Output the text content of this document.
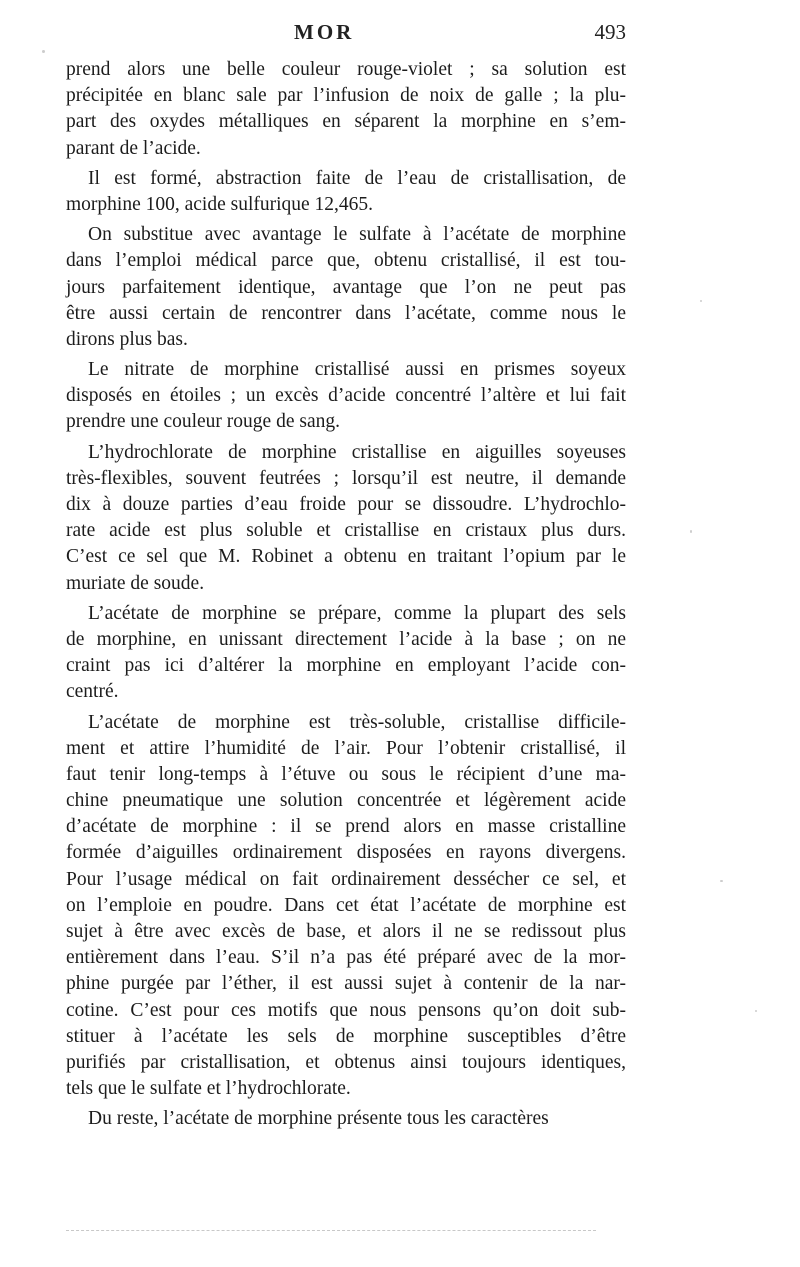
MOR	493
prend alors une belle couleur rouge-violet ; sa solution est
précipitée en blanc sale par l’infusion de noix de galle ; la plu-
part des oxydes métalliques en séparent la morphine en s’em-
parant de l’acide.
Il est formé, abstraction faite de l’eau de cristallisation, de
morphine 100, acide sulfurique 12,465.
On substitue avec avantage le sulfate à l’acétate de morphine
dans l’emploi médical parce que, obtenu cristallisé, il est tou-
jours parfaitement identique, avantage que l’on ne peut pas
être aussi certain de rencontrer dans l’acétate, comme nous le
dirons plus bas.
Le nitrate de morphine cristallisé aussi en prismes soyeux
disposés en étoiles ; un excès d’acide concentré l’altère et lui fait
prendre une couleur rouge de sang.
L’hydrochlorate de morphine cristallise en aiguilles soyeuses
très-flexibles, souvent feutrées ; lorsqu’il est neutre, il demande
dix à douze parties d’eau froide pour se dissoudre. L’hydrochlo-
rate acide est plus soluble et cristallise en cristaux plus durs.
C’est ce sel que M. Robinet a obtenu en traitant l’opium par le
muriate de soude.
L’acétate de morphine se prépare, comme la plupart des sels
de morphine, en unissant directement l’acide à la base ; on ne
craint pas ici d’altérer la morphine en employant l’acide con-
centré.
L’acétate de morphine est très-soluble, cristallise difficile-
ment et attire l’humidité de l’air. Pour l’obtenir cristallisé, il
faut tenir long-temps à l’étuve ou sous le récipient d’une ma-
chine pneumatique une solution concentrée et légèrement acide
d’acétate de morphine : il se prend alors en masse cristalline
formée d’aiguilles ordinairement disposées en rayons divergens.
Pour l’usage médical on fait ordinairement dessécher ce sel, et
on l’emploie en poudre. Dans cet état l’acétate de morphine est
sujet à être avec excès de base, et alors il ne se redissout plus
entièrement dans l’eau. S’il n’a pas été préparé avec de la mor-
phine purgée par l’éther, il est aussi sujet à contenir de la nar-
cotine. C’est pour ces motifs que nous pensons qu’on doit sub-
stituer à l’acétate les sels de morphine susceptibles d’être
purifiés par cristallisation, et obtenus ainsi toujours identiques,
tels que le sulfate et l’hydrochlorate.
Du reste, l’acétate de morphine présente tous les caractères
